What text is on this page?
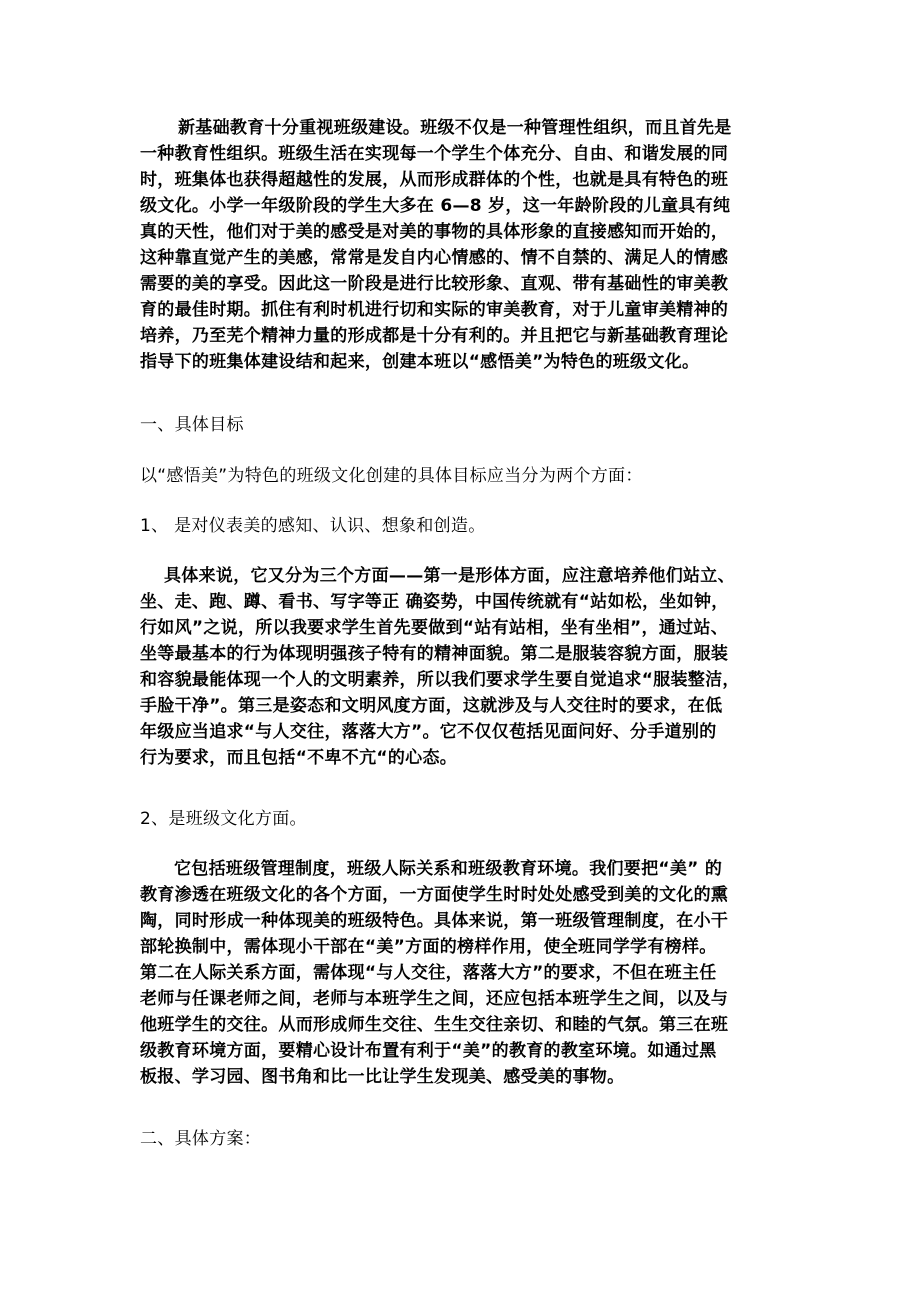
新基础教育十分重视班级建设。班级不仅是一种管理性组织，而且首先是
一种教育性组织。班级生活在实现每一个学生个体充分、自由、和谐发展的同
时，班集体也获得超越性的发展，从而形成群体的个性，也就是具有特色的班
级文化。小学一年级阶段的学生大多在 6—8 岁，这一年龄阶段的儿童具有纯
真的天性，他们对于美的感受是对美的事物的具体形象的直接感知而开始的，
这种靠直觉产生的美感，常常是发自内心情感的、情不自禁的、满足人的情感
需要的美的享受。因此这一阶段是进行比较形象、直观、带有基础性的审美教
育的最佳时期。抓住有利时机进行切和实际的审美教育，对于儿童审美精神的
培养，乃至芜个精神力量的形成都是十分有利的。并且把它与新基础教育理论
指导下的班集体建设结和起来，创建本班以“感悟美”为特色的班级文化。
一、具体目标
以“感悟美”为特色的班级文化创建的具体目标应当分为两个方面：
1、 是对仪表美的感知、认识、想象和创造。
具体来说，它又分为三个方面——第一是形体方面，应注意培养他们站立、
坐、走、跑、蹲、看书、写字等正 确姿势，中国传统就有“站如松，坐如钟，
行如风”之说，所以我要求学生首先要做到“站有站相，坐有坐相”，通过站、
坐等最基本的行为体现明强孩子特有的精神面貌。第二是服装容貌方面，服装
和容貌最能体现一个人的文明素养，所以我们要求学生要自觉追求“服装整洁，
手脸干净”。第三是姿态和文明风度方面，这就涉及与人交往时的要求，在低
年级应当追求“与人交往，落落大方”。它不仅仅苞括见面问好、分手道别的
行为要求，而且包括“不卑不亢“的心态。
2、是班级文化方面。
它包括班级管理制度，班级人际关系和班级教育环境。我们要把“美” 的
教育渗透在班级文化的各个方面，一方面使学生时时处处感受到美的文化的熏
陶，同时形成一种体现美的班级特色。具体来说，第一班级管理制度，在小干
部轮换制中，需体现小干部在“美”方面的榜样作用，使全班同学学有榜样。
第二在人际关系方面，需体现“与人交往，落落大方”的要求，不但在班主任
老师与任课老师之间，老师与本班学生之间，还应包括本班学生之间，以及与
他班学生的交往。从而形成师生交往、生生交往亲切、和睦的气氛。第三在班
级教育环境方面，要精心设计布置有利于“美”的教育的教室环境。如通过黑
板报、学习园、图书角和比一比让学生发现美、感受美的事物。
二、具体方案：
